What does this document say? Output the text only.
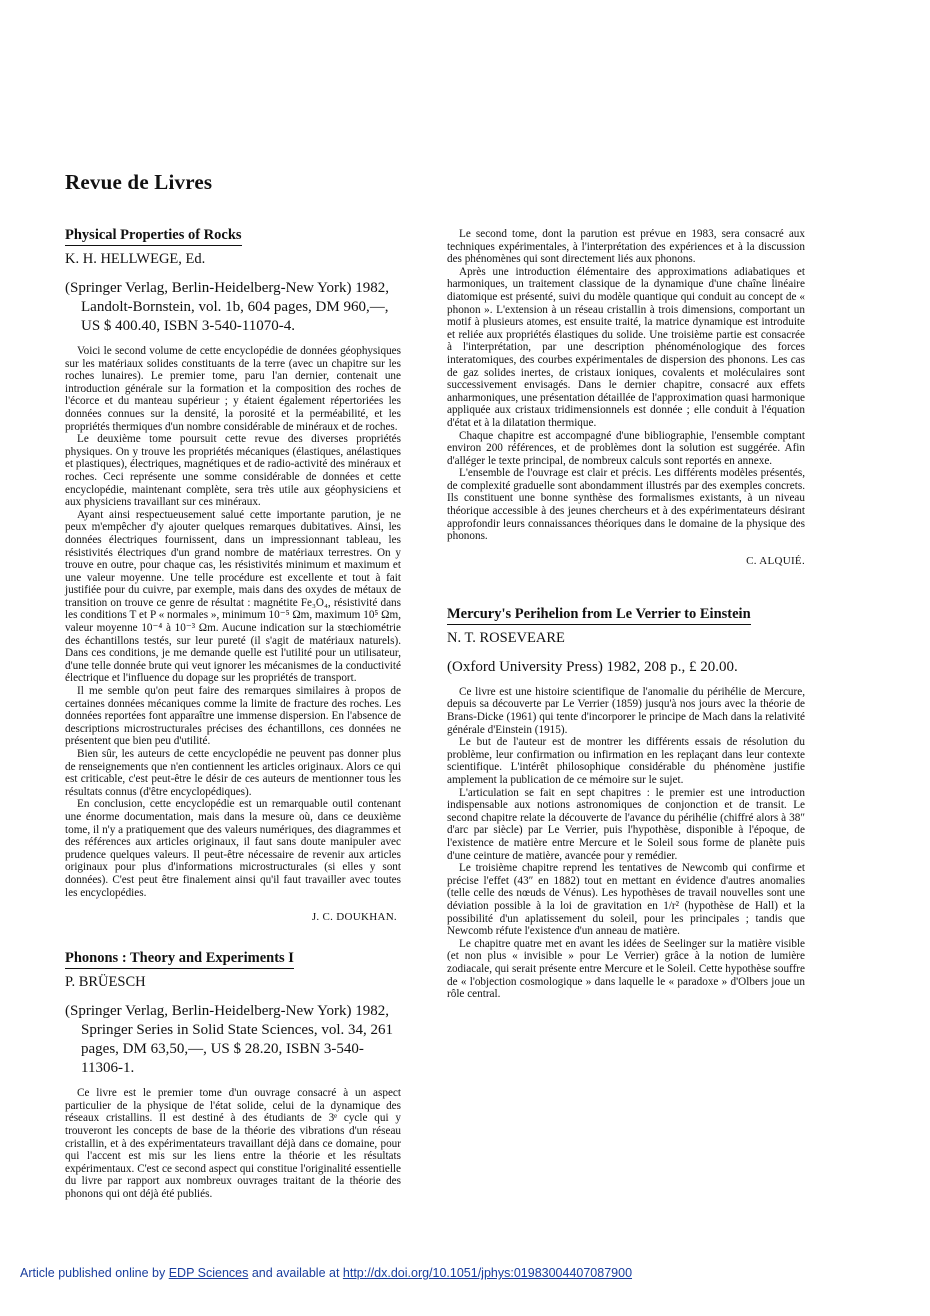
Revue de Livres
Physical Properties of Rocks
K. H. HELLWEGE, Ed.
(Springer Verlag, Berlin-Heidelberg-New York) 1982, Landolt-Bornstein, vol. 1b, 604 pages, DM 960,—, US $ 400.40, ISBN 3-540-11070-4.

Voici le second volume de cette encyclopédie de données géophysiques sur les matériaux solides constituants de la terre (avec un chapitre sur les roches lunaires). Le premier tome, paru l'an dernier, contenait une introduction générale sur la formation et la composition des roches de l'écorce et du manteau supérieur ; y étaient également répertoriées les données connues sur la densité, la porosité et la perméabilité, et les propriétés thermiques d'un nombre considérable de minéraux et de roches.

Le deuxième tome poursuit cette revue des diverses propriétés physiques. On y trouve les propriétés mécaniques (élastiques, anélastiques et plastiques), électriques, magnétiques et de radio-activité des minéraux et roches. Ceci représente une somme considérable de données et cette encyclopédie, maintenant complète, sera très utile aux géophysiciens et aux physiciens travaillant sur ces minéraux.

Ayant ainsi respectueusement salué cette importante parution, je ne peux m'empêcher d'y ajouter quelques remarques dubitatives. Ainsi, les données électriques fournissent, dans un impressionnant tableau, les résistivités électriques d'un grand nombre de matériaux terrestres. On y trouve en outre, pour chaque cas, les résistivités minimum et maximum et une valeur moyenne. Une telle procédure est excellente et tout à fait justifiée pour du cuivre, par exemple, mais dans des oxydes de métaux de transition on trouve ce genre de résultat : magnétite Fe₃O₄, résistivité dans les conditions T et P « normales », minimum 10⁻⁵ Ωm, maximum 10⁵ Ωm, valeur moyenne 10⁻⁴ à 10⁻³ Ωm. Aucune indication sur la stœchiométrie des échantillons testés, sur leur pureté (il s'agit de matériaux naturels). Dans ces conditions, je me demande quelle est l'utilité pour un utilisateur, d'une telle donnée brute qui veut ignorer les mécanismes de la conductivité électrique et l'influence du dopage sur les propriétés de transport.

Il me semble qu'on peut faire des remarques similaires à propos de certaines données mécaniques comme la limite de fracture des roches. Les données reportées font apparaître une immense dispersion. En l'absence de descriptions microstructurales précises des échantillons, ces données ne présentent que bien peu d'utilité.

Bien sûr, les auteurs de cette encyclopédie ne peuvent pas donner plus de renseignements que n'en contiennent les articles originaux. Alors ce qui est criticable, c'est peut-être le désir de ces auteurs de mentionner tous les résultats connus (d'être encyclopédiques).

En conclusion, cette encyclopédie est un remarquable outil contenant une énorme documentation, mais dans la mesure où, dans ce deuxième tome, il n'y a pratiquement que des valeurs numériques, des diagrammes et des références aux articles originaux, il faut sans doute manipuler avec prudence quelques valeurs. Il peut-être nécessaire de revenir aux articles originaux pour plus d'informations microstructurales (si elles y sont données). C'est peut être finalement ainsi qu'il faut travailler avec toutes les encyclopédies.

J. C. DOUKHAN.
Phonons : Theory and Experiments I
P. BRÜESCH
(Springer Verlag, Berlin-Heidelberg-New York) 1982, Springer Series in Solid State Sciences, vol. 34, 261 pages, DM 63,50,—, US $ 28.20, ISBN 3-540-11306-1.

Ce livre est le premier tome d'un ouvrage consacré à un aspect particulier de la physique de l'état solide, celui de la dynamique des réseaux cristallins. Il est destiné à des étudiants de 3ᵉ cycle qui y trouveront les concepts de base de la théorie des vibrations d'un réseau cristallin, et à des expérimentateurs travaillant déjà dans ce domaine, pour qui l'accent est mis sur les liens entre la théorie et les résultats expérimentaux. C'est ce second aspect qui constitue l'originalité essentielle du livre par rapport aux nombreux ouvrages traitant de la théorie des phonons qui ont déjà été publiés.

Le second tome, dont la parution est prévue en 1983, sera consacré aux techniques expérimentales, à l'interprétation des expériences et à la discussion des phénomènes qui sont directement liés aux phonons.

Après une introduction élémentaire des approximations adiabatiques et harmoniques, un traitement classique de la dynamique d'une chaîne linéaire diatomique est présenté, suivi du modèle quantique qui conduit au concept de « phonon ». L'extension à un réseau cristallin à trois dimensions, comportant un motif à plusieurs atomes, est ensuite traité, la matrice dynamique est introduite et reliée aux propriétés élastiques du solide. Une troisième partie est consacrée à l'interprétation, par une description phénoménologique des forces interatomiques, des courbes expérimentales de dispersion des phonons. Les cas de gaz solides inertes, de cristaux ioniques, covalents et moléculaires sont successivement envisagés. Dans le dernier chapitre, consacré aux effets anharmoniques, une présentation détaillée de l'approximation quasi harmonique appliquée aux cristaux tridimensionnels est donnée ; elle conduit à l'équation d'état et à la dilatation thermique.

Chaque chapitre est accompagné d'une bibliographie, l'ensemble comptant environ 200 références, et de problèmes dont la solution est suggérée. Afin d'alléger le texte principal, de nombreux calculs sont reportés en annexe.

L'ensemble de l'ouvrage est clair et précis. Les différents modèles présentés, de complexité graduelle sont abondamment illustrés par des exemples concrets. Ils constituent une bonne synthèse des formalismes existants, à un niveau théorique accessible à des jeunes chercheurs et à des expérimentateurs désirant approfondir leurs connaissances théoriques dans le domaine de la physique des phonons.

C. ALQUIÉ.
Mercury's Perihelion from Le Verrier to Einstein
N. T. ROSEVEARE
(Oxford University Press) 1982, 208 p., £ 20.00.

Ce livre est une histoire scientifique de l'anomalie du périhélie de Mercure, depuis sa découverte par Le Verrier (1859) jusqu'à nos jours avec la théorie de Brans-Dicke (1961) qui tente d'incorporer le principe de Mach dans la relativité générale d'Einstein (1915).

Le but de l'auteur est de montrer les différents essais de résolution du problème, leur confirmation ou infirmation en les replaçant dans leur contexte scientifique. L'intérêt philosophique considérable du phénomène justifie amplement la publication de ce mémoire sur le sujet.

L'articulation se fait en sept chapitres : le premier est une introduction indispensable aux notions astronomiques de conjonction et de transit. Le second chapitre relate la découverte de l'avance du périhélie (chiffré alors à 38″ d'arc par siècle) par Le Verrier, puis l'hypothèse, disponible à l'époque, de l'existence de matière entre Mercure et le Soleil sous forme de planète puis d'une ceinture de matière, avancée pour y remédier.

Le troisième chapitre reprend les tentatives de Newcomb qui confirme et précise l'effet (43″ en 1882) tout en mettant en évidence d'autres anomalies (telle celle des nœuds de Vénus). Les hypothèses de travail nouvelles sont une déviation possible à la loi de gravitation en 1/r² (hypothèse de Hall) et la possibilité d'un aplatissement du soleil, pour les principales ; tandis que Newcomb réfute l'existence d'un anneau de matière.

Le chapitre quatre met en avant les idées de Seelinger sur la matière visible (et non plus « invisible » pour Le Verrier) grâce à la notion de lumière zodiacale, qui serait présente entre Mercure et le Soleil. Cette hypothèse souffre de « l'objection cosmologique » dans laquelle le « paradoxe » d'Olbers joue un rôle central.

Article published online by EDP Sciences and available at http://dx.doi.org/10.1051/jphys:01983004407087900
